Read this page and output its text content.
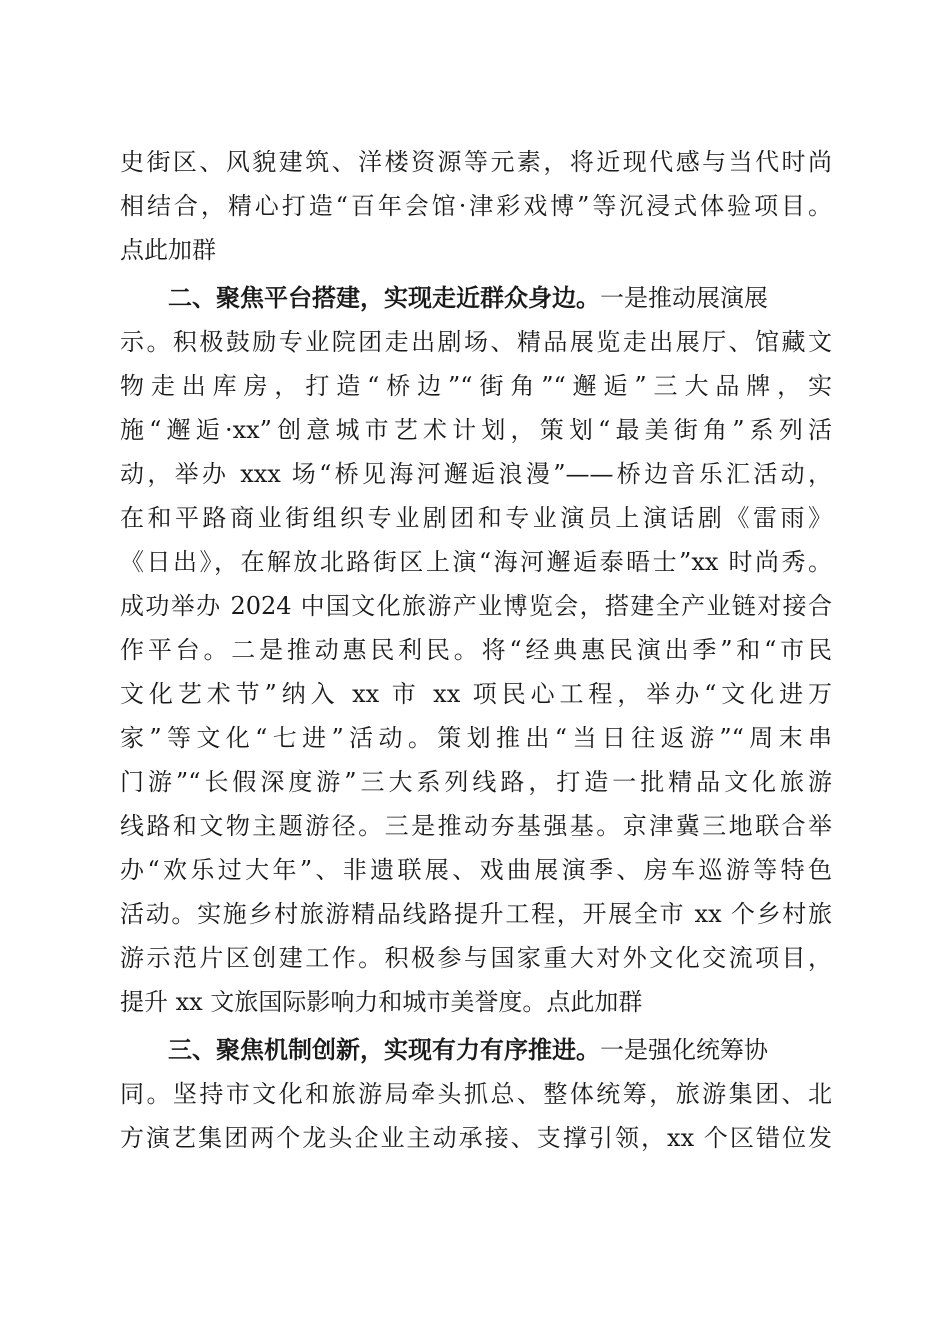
史街区、风貌建筑、洋楼资源等元素，将近现代感与当代时尚
相结合，精心打造“百年会馆·津彩戏博”等沉浸式体验项目。
点此加群
二、聚焦平台搭建，实现走近群众身边。一是推动展演展
示。积极鼓励专业院团走出剧场、精品展览走出展厅、馆藏文
物走出库房，打造“桥边”“街角”“邂逅”三大品牌，实
施“邂逅·xx”创意城市艺术计划，策划“最美街角”系列活
动，举办 xxx 场“桥见海河邂逅浪漫”——桥边音乐汇活动，
在和平路商业街组织专业剧团和专业演员上演话剧《雷雨》
《日出》，在解放北路街区上演“海河邂逅泰晤士”xx 时尚秀。
成功举办 2024 中国文化旅游产业博览会，搭建全产业链对接合
作平台。二是推动惠民利民。将“经典惠民演出季”和“市民
文化艺术节”纳入 xx 市 xx 项民心工程，举办“文化进万
家”等文化“七进”活动。策划推出“当日往返游”“周末串
门游”“长假深度游”三大系列线路，打造一批精品文化旅游
线路和文物主题游径。三是推动夯基强基。京津冀三地联合举
办“欢乐过大年”、非遗联展、戏曲展演季、房车巡游等特色
活动。实施乡村旅游精品线路提升工程，开展全市 xx 个乡村旅
游示范片区创建工作。积极参与国家重大对外文化交流项目，
提升 xx 文旅国际影响力和城市美誉度。点此加群
三、聚焦机制创新，实现有力有序推进。一是强化统筹协
同。坚持市文化和旅游局牵头抓总、整体统筹，旅游集团、北
方演艺集团两个龙头企业主动承接、支撑引领，xx 个区错位发
